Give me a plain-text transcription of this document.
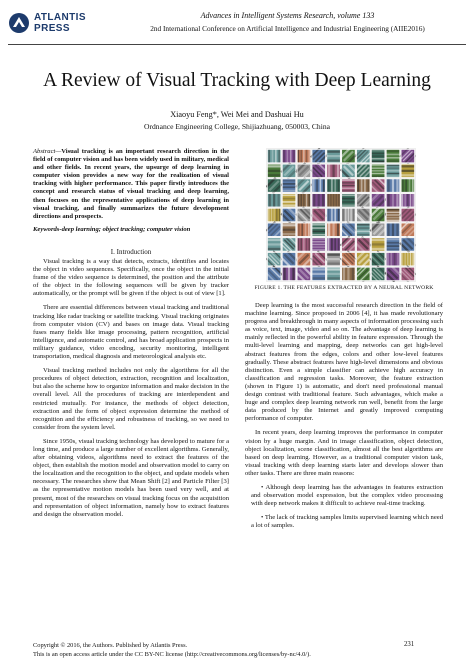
ATLANTIS
PRESS
Advances in Intelligent Systems Research, volume 133
2nd International Conference on Artificial Intelligence and Industrial Engineering (AIIE2016)
A Review of Visual Tracking with Deep Learning
Xiaoyu Feng*, Wei Mei and Dashuai Hu
Ordnance Engineering College, Shijiazhuang, 050003, China
Abstract—Visual tracking is an important research direction in the field of computer vision and has been widely used in military, medical and other fields. In recent years, the upsurge of deep learning in computer vision provides a new way for the realization of visual tracking with higher performance. This paper firstly introduces the concept and research status of visual tracking and deep learning, then focuses on the representative applications of deep learning in visual tracking, and finally summarizes the future development directions and prospects.
Keywords-deep learning; object tracking; computer vision
I. Introduction

Visual tracking is a way that detects, extracts, identifies and locates the object in video sequences. Specifically, once the object in the initial frame of the video sequence is determined, the position and the attribute of the object in the following sequences will be given by tracker automatically, or the prompt will be given if the object is out of view [1].

There are essential differences between visual tracking and traditional tracking like radar tracking or satellite tracking. Visual tracking originates from computer vision (CV) and bases on image data. Visual tracking fuses many fields like image processing, pattern recognition, artificial intelligence, and automatic control, and has broad application prospects in military guidance, video encoding, security monitoring, intelligent transportation, medical diagnosis and meteorological analysis etc.

Visual tracking method includes not only the algorithms for all the procedures of object detection, extraction, recognition and localization, but also the scheme how to organize information and make decision in the overall level. All the procedures of tracking are interdependent and restricted mutually. For instance, the methods of object detection, extraction and the form of object expression determine the method of recognition and the efficiency and robustness of tracking, so we need to consider from the system level.

Since 1950s, visual tracking technology has developed to mature for a long time, and produce a large number of excellent algorithms. Generally, after obtaining videos, algorithms need to extract the features of the object, then establish the motion model and observation model to carry on the localization and the recognition to the object, and update models when necessary. The researches show that Mean Shift [2] and Particle Filter [3] as the representative motion models has been used very well, and at present, most of the researches on visual tracking focus on the acquisition and representation of object information, namely how to extract features and design the observation model.

FIGURE 1. THE FEATURES EXTRACTED BY A NEURAL NETWORK

Deep learning is the most successful research direction in the field of machine learning. Since proposed in 2006 [4], it has made revolutionary progress and breakthrough in many aspects of information processing such as voice, text, image, video and so on. The advantage of deep learning is mainly reflected in the powerful ability in feature expression. Through the multi-level learning and mapping, deep networks can get high-level abstract features from the edges, colors and other low-level features gradually. These abstract features have high-level dimensions and obvious distinction. Even a simple classifier can achieve high accuracy in classification and regression tasks. Moreover, the feature extraction (shown in Figure 1) is automatic, and don't need professional manual design contrast with traditional feature. Such advantages, which make a huge and complex deep learning network run well, benefit from the large data produced by the Internet and greatly improved computing performance of computer.

In recent years, deep learning improves the performance in computer vision by a huge margin. And in image classification, object detection, object localization, scene classification, almost all the best algorithms are based on deep learning. However, as a traditional computer vision task, visual tracking with deep learning starts later and develops slower than other tasks. There are three main reasons:

• Although deep learning has the advantages in features extraction and observation model expression, but the complex video processing with deep network makes it difficult to achieve real-time tracking.

• The lack of tracking samples limits supervised learning which need a lot of samples.

Copyright © 2016, the Authors. Published by Atlantis Press.
This is an open access article under the CC BY-NC license (http://creativecommons.org/licenses/by-nc/4.0/).
231
